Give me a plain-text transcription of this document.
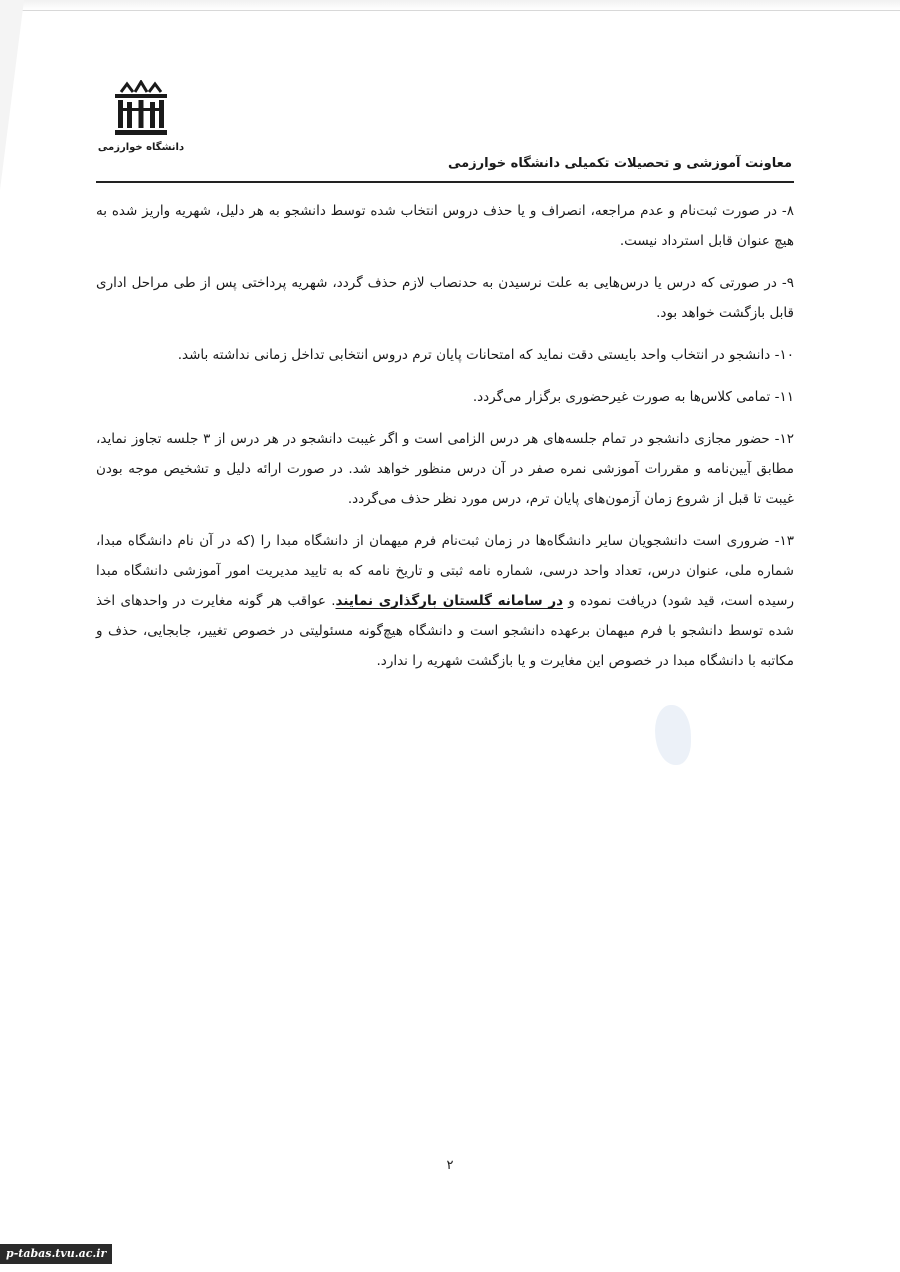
دانشگاه خوارزمی
معاونت آموزشی و تحصیلات تکمیلی دانشگاه خوارزمی

۸- در صورت ثبت‌نام و عدم مراجعه، انصراف و یا حذف دروس انتخاب شده توسط دانشجو به هر دلیل، شهریه واریز شده به هیچ عنوان قابل استرداد نیست.

۹- در صورتی که درس یا درس‌هایی به علت نرسیدن به حدنصاب لازم حذف گردد، شهریه پرداختی پس از طی مراحل اداری قابل بازگشت خواهد بود.

۱۰- دانشجو در انتخاب واحد بایستی دقت نماید که امتحانات پایان ترم دروس انتخابی تداخل زمانی نداشته باشد.

۱۱- تمامی کلاس‌ها به صورت غیرحضوری برگزار می‌گردد.

۱۲- حضور مجازی دانشجو در تمام جلسه‌های هر درس الزامی است و اگر غیبت دانشجو در هر درس از ۳ جلسه تجاوز نماید، مطابق آیین‌نامه و مقررات آموزشی نمره صفر در آن درس منظور خواهد شد. در صورت ارائه دلیل و تشخیص موجه بودن غیبت تا قبل از شروع زمان آزمون‌های پایان ترم، درس مورد نظر حذف می‌گردد.

۱۳- ضروری است دانشجویان سایر دانشگاه‌ها در زمان ثبت‌نام فرم میهمان از دانشگاه مبدا را (که در آن نام دانشگاه مبدا، شماره ملی، عنوان درس، تعداد واحد درسی، شماره نامه ثبتی و تاریخ نامه که به تایید مدیریت امور آموزشی دانشگاه مبدا رسیده است، قید شود) دریافت نموده و در سامانه گلستان بارگذاری نمایند. عواقب هر گونه مغایرت در واحدهای اخذ شده توسط دانشجو با فرم میهمان برعهده دانشجو است و دانشگاه هیچ‌گونه مسئولیتی در خصوص تغییر، جابجایی، حذف و مکاتبه با دانشگاه مبدا در خصوص این مغایرت و یا بازگشت شهریه را ندارد.

۲
p-tabas.tvu.ac.ir
